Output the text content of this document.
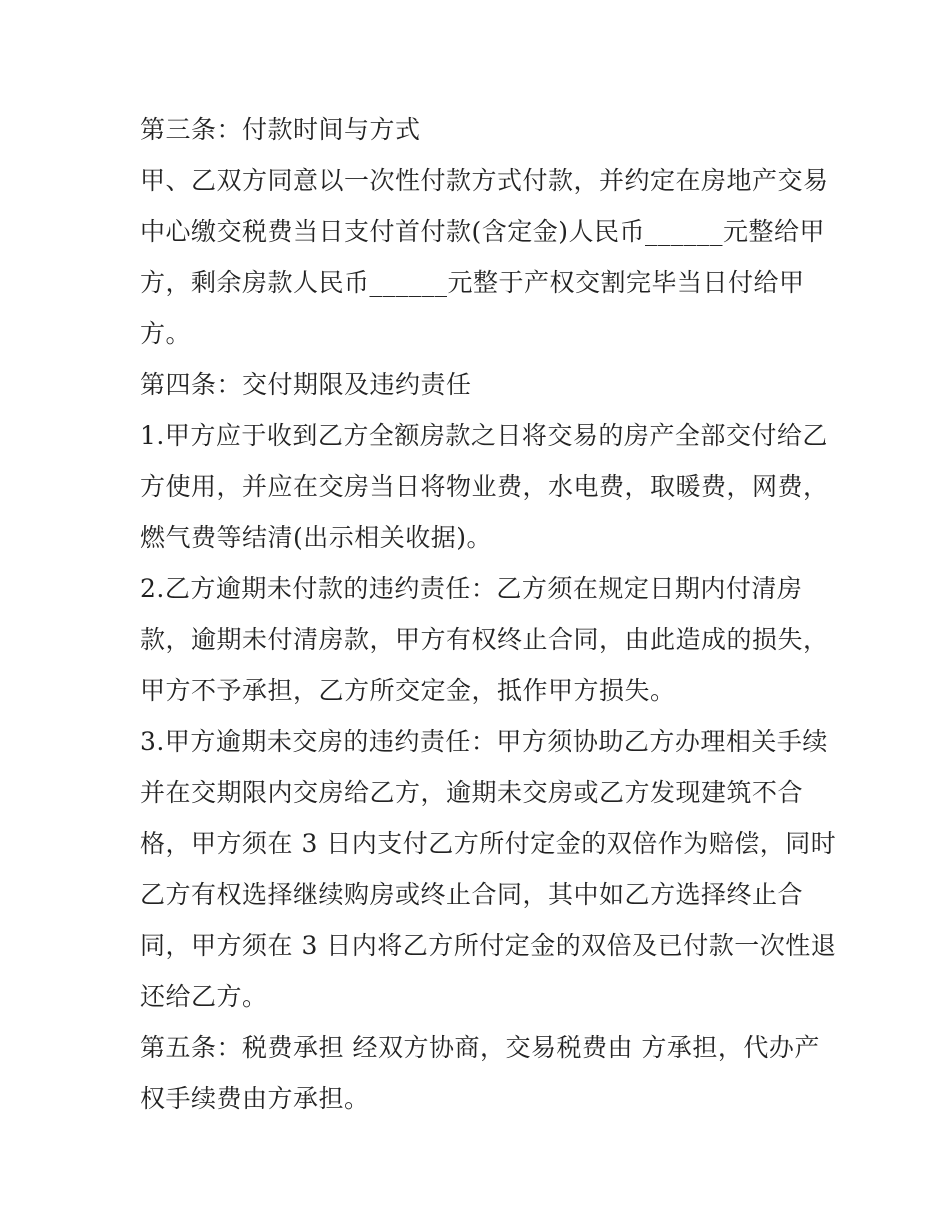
第三条：付款时间与方式
甲、乙双方同意以一次性付款方式付款，并约定在房地产交易
中心缴交税费当日支付首付款(含定金)人民币______元整给甲
方，剩余房款人民币______元整于产权交割完毕当日付给甲
方。
第四条：交付期限及违约责任
1.甲方应于收到乙方全额房款之日将交易的房产全部交付给乙
方使用，并应在交房当日将物业费，水电费，取暖费，网费，
燃气费等结清(出示相关收据)。
2.乙方逾期未付款的违约责任：乙方须在规定日期内付清房
款，逾期未付清房款，甲方有权终止合同，由此造成的损失，
甲方不予承担，乙方所交定金，抵作甲方损失。
3.甲方逾期未交房的违约责任：甲方须协助乙方办理相关手续
并在交期限内交房给乙方，逾期未交房或乙方发现建筑不合
格，甲方须在 3 日内支付乙方所付定金的双倍作为赔偿，同时
乙方有权选择继续购房或终止合同，其中如乙方选择终止合
同，甲方须在 3 日内将乙方所付定金的双倍及已付款一次性退
还给乙方。
第五条：税费承担 经双方协商，交易税费由 方承担，代办产
权手续费由方承担。
